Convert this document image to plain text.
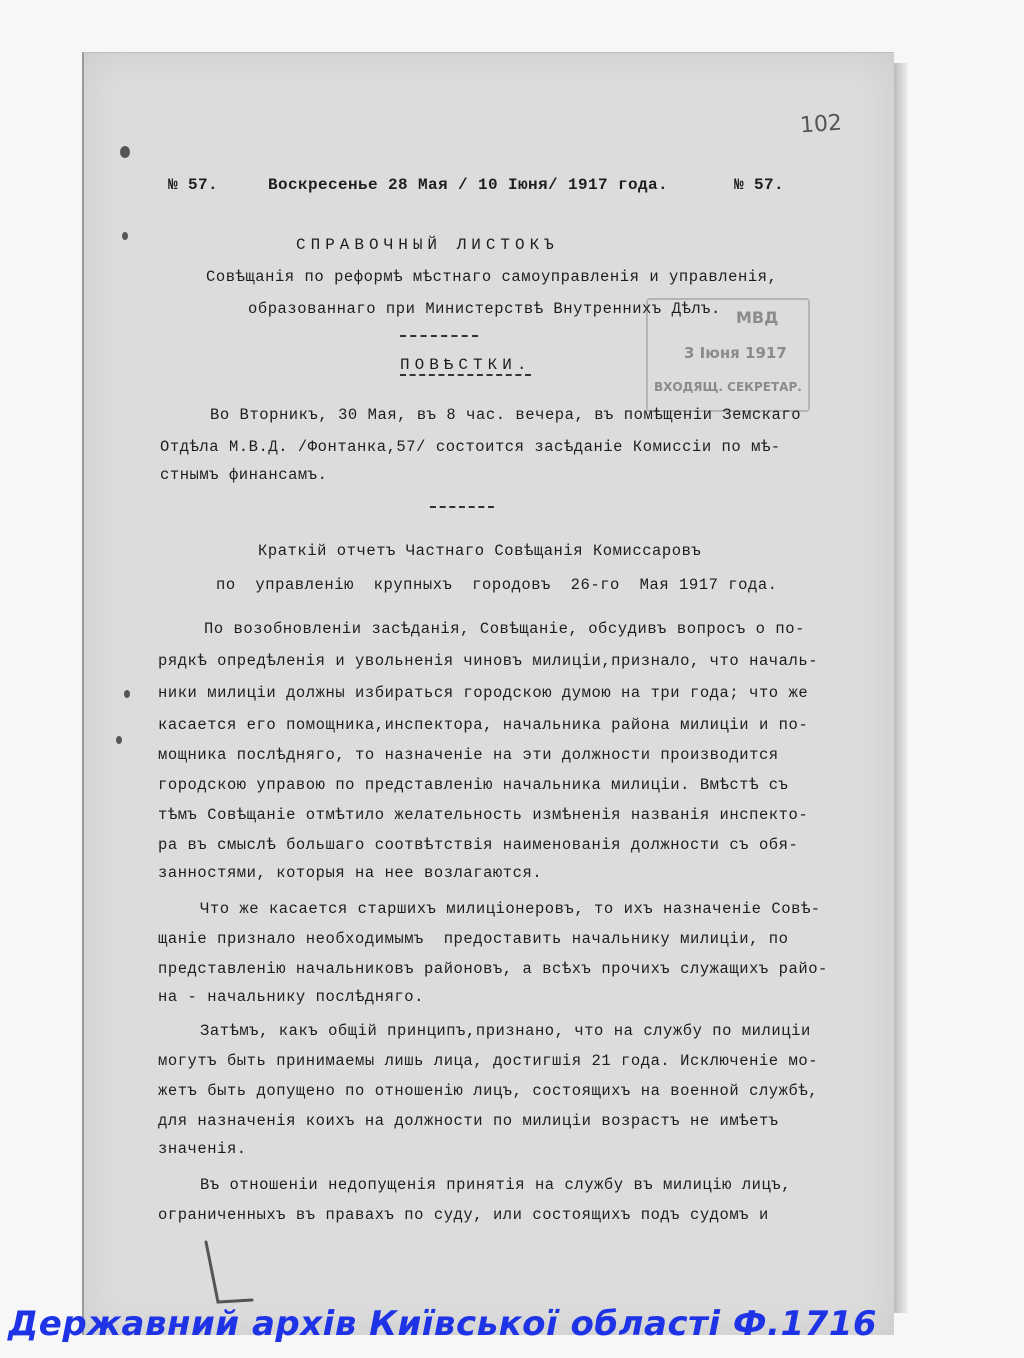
102
№ 57.	Воскресенье 28 Мая / 10 Іюня/ 1917 года.	№ 57.
МВД
3 Іюня 1917
ВХОДЯЩ. СЕКРЕТАР.
СПРАВОЧНЫЙ ЛИСТОКЪ
Совѣщанія по реформѣ мѣстнаго самоуправленія и управленія,
образованнаго при Министерствѣ Внутреннихъ Дѣлъ.
ПОВѢСТКИ.
Во Вторникъ, 30 Мая, въ 8 час. вечера, въ помѣщеніи Земскаго
Отдѣла М.В.Д. /Фонтанка,57/ состоится засѣданіе Комиссіи по мѣ-
стнымъ финансамъ.
Краткій отчетъ Частнаго Совѣщанія Комиссаровъ
по  управленію  крупныхъ  городовъ  26-го  Мая 1917 года.
По возобновленіи засѣданія, Совѣщаніе, обсудивъ вопросъ о по-
рядкѣ опредѣленія и увольненія чиновъ милиціи,признало, что началь-
ники милиціи должны избираться городскою думою на три года; что же
касается его помощника,инспектора, начальника района милиціи и по-
мощника послѣдняго, то назначеніе на эти должности производится
городскою управою по представленію начальника милиціи. Вмѣстѣ съ
тѣмъ Совѣщаніе отмѣтило желательность измѣненія названія инспекто-
ра въ смыслѣ большаго соотвѣтствія наименованія должности съ обя-
занностями, которыя на нее возлагаются.
Что же касается старшихъ милиціонеровъ, то ихъ назначеніе Совѣ-
щаніе признало необходимымъ  предоставить начальнику милиціи, по
представленію начальниковъ районовъ, а всѣхъ прочихъ служащихъ райо-
на - начальнику послѣдняго.
Затѣмъ, какъ общій принципъ,признано, что на службу по милиціи
могутъ быть принимаемы лишь лица, достигшія 21 года. Исключеніе мо-
жетъ быть допущено по отношенію лицъ, состоящихъ на военной службѣ,
для назначенія коихъ на должности по милиціи возрастъ не имѣетъ
значенія.
Въ отношеніи недопущенія принятія на службу въ милицію лицъ,
ограниченныхъ въ правахъ по суду, или состоящихъ подъ судомъ и
Державний архів Київської області Ф.1716
